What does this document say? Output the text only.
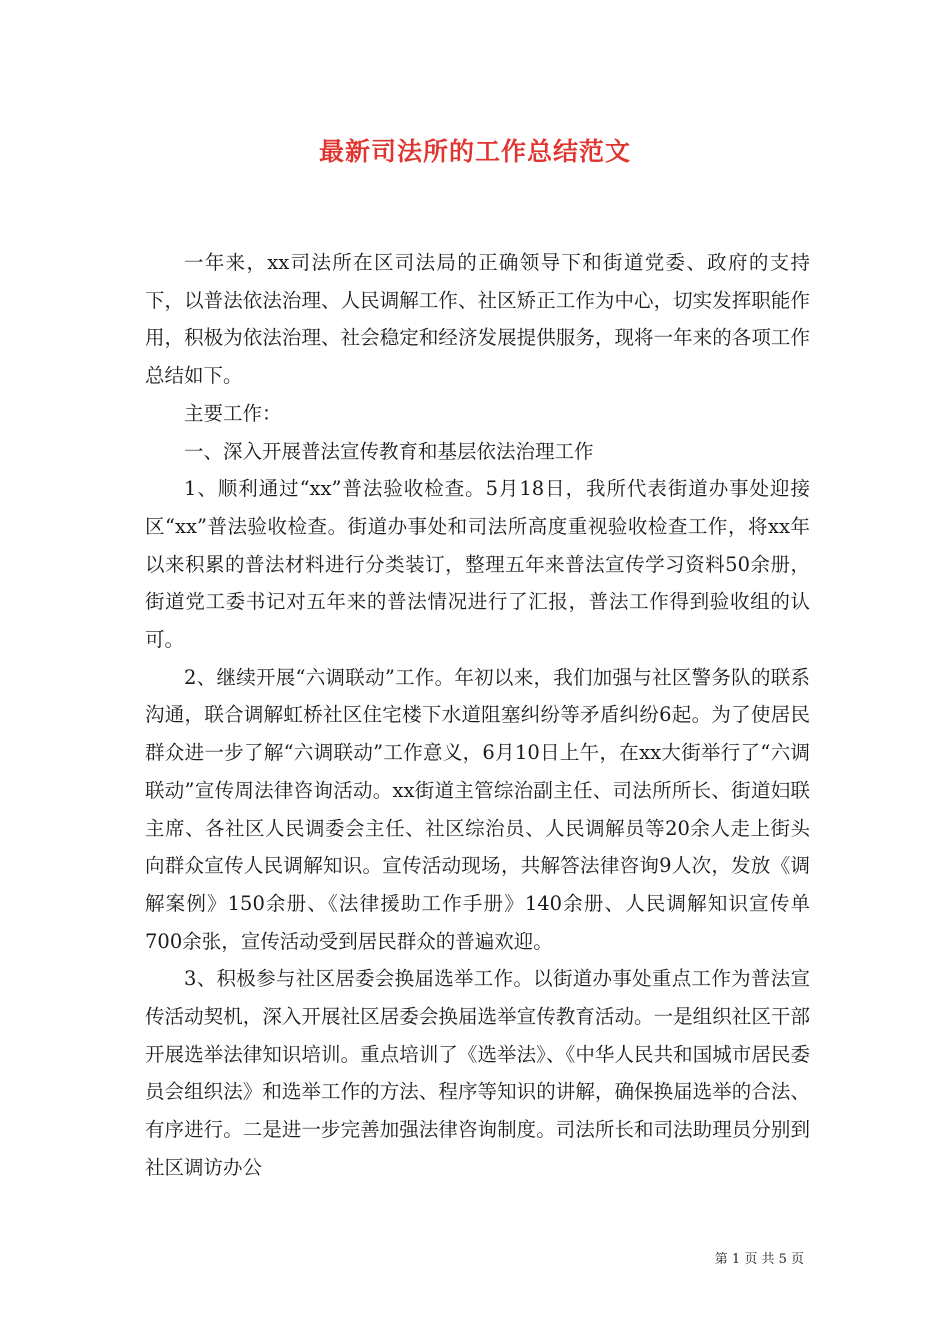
最新司法所的工作总结范文

一年来，xx司法所在区司法局的正确领导下和街道党委、政府的支持下，以普法依法治理、人民调解工作、社区矫正工作为中心，切实发挥职能作用，积极为依法治理、社会稳定和经济发展提供服务，现将一年来的各项工作总结如下。

主要工作：

一、深入开展普法宣传教育和基层依法治理工作

1、顺利通过“xx”普法验收检查。5月18日，我所代表街道办事处迎接区“xx”普法验收检查。街道办事处和司法所高度重视验收检查工作，将xx年以来积累的普法材料进行分类装订，整理五年来普法宣传学习资料50余册，街道党工委书记对五年来的普法情况进行了汇报，普法工作得到验收组的认可。

2、继续开展“六调联动”工作。年初以来，我们加强与社区警务队的联系沟通，联合调解虹桥社区住宅楼下水道阻塞纠纷等矛盾纠纷6起。为了使居民群众进一步了解“六调联动”工作意义，6月10日上午，在xx大街举行了“六调联动”宣传周法律咨询活动。xx街道主管综治副主任、司法所所长、街道妇联主席、各社区人民调委会主任、社区综治员、人民调解员等20余人走上街头向群众宣传人民调解知识。宣传活动现场，共解答法律咨询9人次，发放《调解案例》150余册、《法律援助工作手册》140余册、人民调解知识宣传单700余张，宣传活动受到居民群众的普遍欢迎。

3、积极参与社区居委会换届选举工作。以街道办事处重点工作为普法宣传活动契机，深入开展社区居委会换届选举宣传教育活动。一是组织社区干部开展选举法律知识培训。重点培训了《选举法》、《中华人民共和国城市居民委员会组织法》和选举工作的方法、程序等知识的讲解，确保换届选举的合法、有序进行。二是进一步完善加强法律咨询制度。司法所长和司法助理员分别到社区调访办公

第 1 页 共 5 页
